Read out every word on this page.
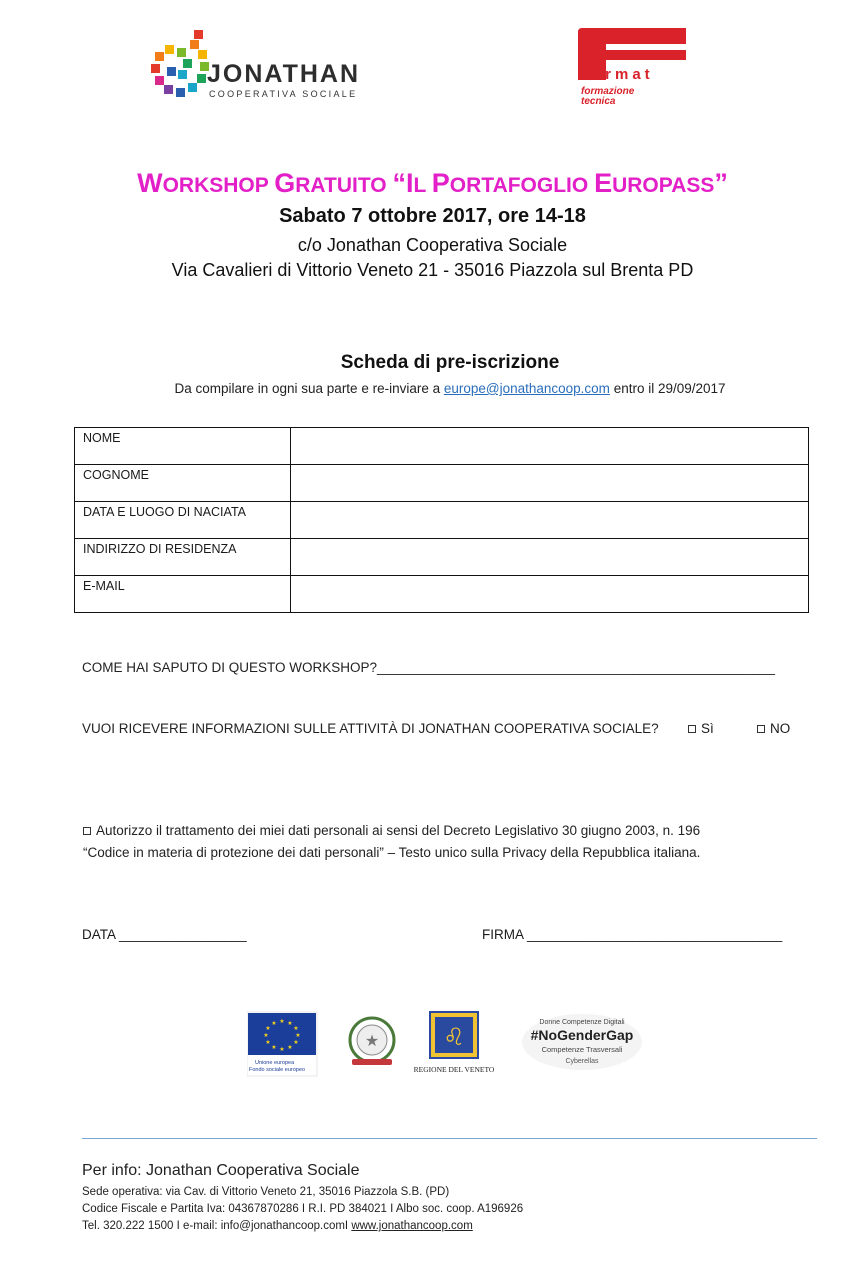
JONATHAN
COOPERATIVA SOCIALE
ormat
formazione
tecnica
WORKSHOP GRATUITO “IL PORTAFOGLIO EUROPASS”
Sabato 7 ottobre 2017, ore 14-18
c/o Jonathan Cooperativa Sociale
Via Cavalieri di Vittorio Veneto 21 - 35016 Piazzola sul Brenta PD
Scheda di pre-iscrizione
Da compilare in ogni sua parte e re-inviare a europe@jonathancoop.com entro il 29/09/2017
NOME	
COGNOME	
DATA E LUOGO DI NACIATA	
INDIRIZZO DI RESIDENZA	
E-MAIL	
COME HAI SAPUTO DI QUESTO WORKSHOP?_____________________________________________________
VUOI RICEVERE INFORMAZIONI SULLE ATTIVITÀ DI JONATHAN COOPERATIVA SOCIALE?	Sì	NO
Autorizzo il trattamento dei miei dati personali ai sensi del Decreto Legislativo 30 giugno 2003, n. 196
“Codice in materia di protezione dei dati personali” – Testo unico sulla Privacy della Repubblica italiana.
DATA _________________	FIRMA __________________________________
★ ★
★
★
★
★
★
★
★
★
★
★
Unione europea
Fondo sociale europeo
★	♌
REGIONE DEL VENETO
Donne Competenze Digitali
#NoGenderGap
Competenze Trasversali
Cyberellas
Per info: Jonathan Cooperativa Sociale
Sede operativa: via Cav. di Vittorio Veneto 21, 35016 Piazzola S.B. (PD)
Codice Fiscale e Partita Iva: 04367870286 I R.I. PD 384021 I Albo soc. coop. A196926
Tel. 320.222 1500 I e-mail: info@jonathancoop.comI www.jonathancoop.com
